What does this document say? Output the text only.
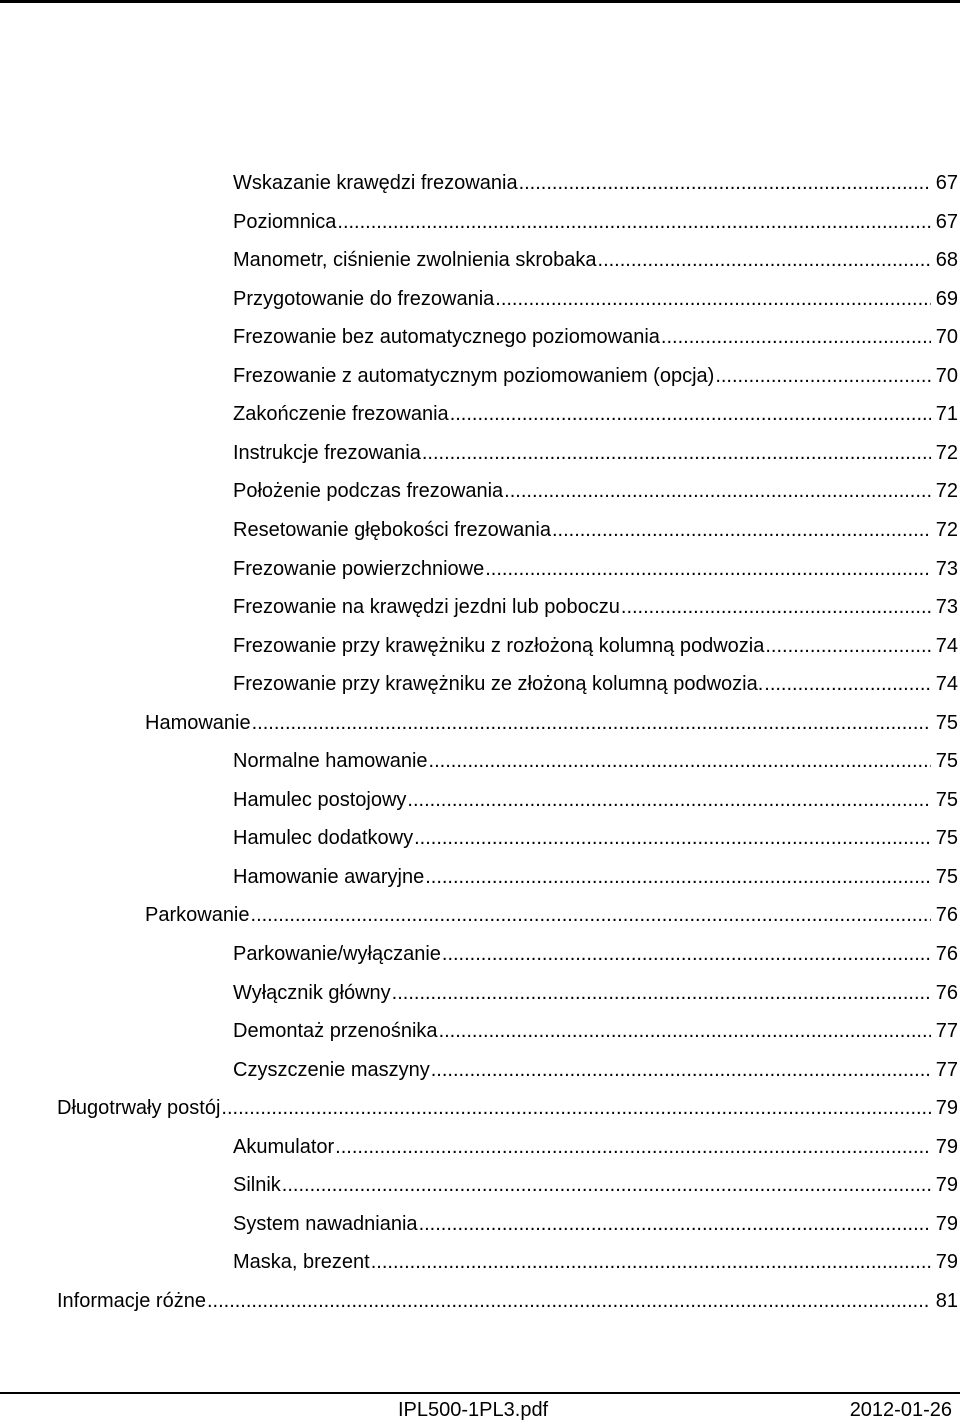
Wskazanie krawędzi frezowania .....	67
Poziomnica .....	67
Manometr, ciśnienie zwolnienia skrobaka .....	68
Przygotowanie do frezowania .....	69
Frezowanie bez automatycznego poziomowania .....	70
Frezowanie z automatycznym poziomowaniem (opcja) .....	70
Zakończenie frezowania .....	71
Instrukcje frezowania .....	72
Położenie podczas frezowania .....	72
Resetowanie głębokości frezowania .....	72
Frezowanie powierzchniowe .....	73
Frezowanie na krawędzi jezdni lub poboczu .....	73
Frezowanie przy krawężniku z rozłożoną kolumną podwozia .....	74
Frezowanie przy krawężniku ze złożoną kolumną podwozia. .....	74
Hamowanie .....	75
Normalne hamowanie .....	75
Hamulec postojowy .....	75
Hamulec dodatkowy .....	75
Hamowanie awaryjne .....	75
Parkowanie .....	76
Parkowanie/wyłączanie .....	76
Wyłącznik główny .....	76
Demontaż przenośnika .....	77
Czyszczenie maszyny .....	77
Długotrwały postój .....	79
Akumulator .....	79
Silnik .....	79
System nawadniania .....	79
Maska, brezent .....	79
Informacje różne .....	81
IPL500-1PL3.pdf	2012-01-26
